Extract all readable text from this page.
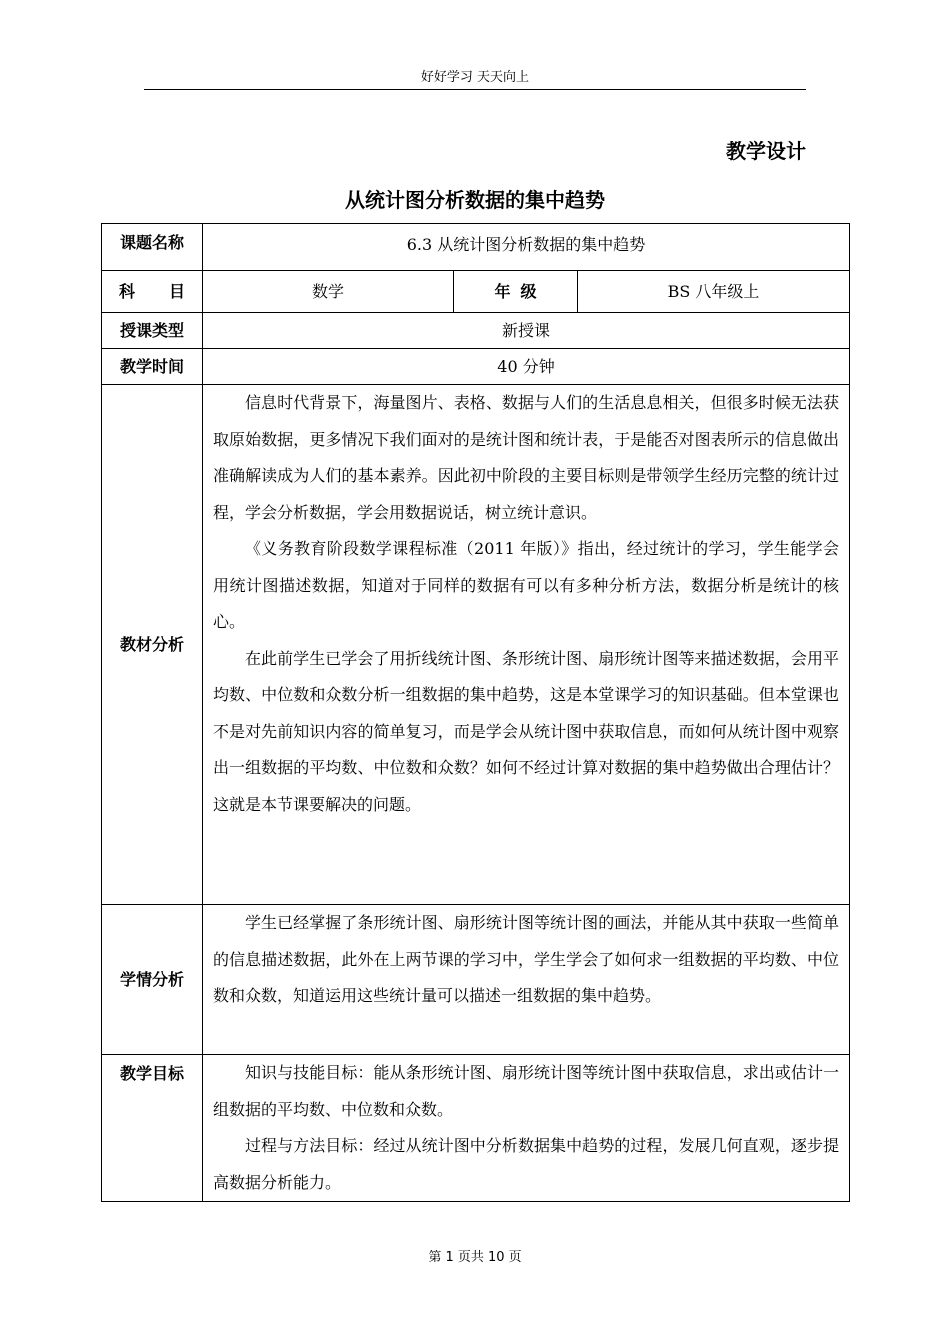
好好学习 天天向上
教学设计
从统计图分析数据的集中趋势
课题名称	6.3 从统计图分析数据的集中趋势		
科目	数学	年级	BS 八年级上
授课类型	新授课		
教学时间	40 分钟		
教材分析	信息时代背景下，海量图片、表格、数据与人们的生活息息相关，但很多时候无法获取原始数据，更多情况下我们面对的是统计图和统计表，于是能否对图表所示的信息做出准确解读成为人们的基本素养。因此初中阶段的主要目标则是带领学生经历完整的统计过程，学会分析数据，学会用数据说话，树立统计意识。

《义务教育阶段数学课程标准（2011 年版）》指出，经过统计的学习，学生能学会用统计图描述数据，知道对于同样的数据有可以有多种分析方法，数据分析是统计的核心。

在此前学生已学会了用折线统计图、条形统计图、扇形统计图等来描述数据，会用平均数、中位数和众数分析一组数据的集中趋势，这是本堂课学习的知识基础。但本堂课也不是对先前知识内容的简单复习，而是学会从统计图中获取信息，而如何从统计图中观察出一组数据的平均数、中位数和众数？如何不经过计算对数据的集中趋势做出合理估计？这就是本节课要解决的问题。		

学情分析	学生已经掌握了条形统计图、扇形统计图等统计图的画法，并能从其中获取一些简单的信息描述数据，此外在上两节课的学习中，学生学会了如何求一组数据的平均数、中位数和众数，知道运用这些统计量可以描述一组数据的集中趋势。		

教学目标	知识与技能目标：能从条形统计图、扇形统计图等统计图中获取信息，求出或估计一组数据的平均数、中位数和众数。

过程与方法目标：经过从统计图中分析数据集中趋势的过程，发展几何直观，逐步提高数据分析能力。		

第 1 页共 10 页
